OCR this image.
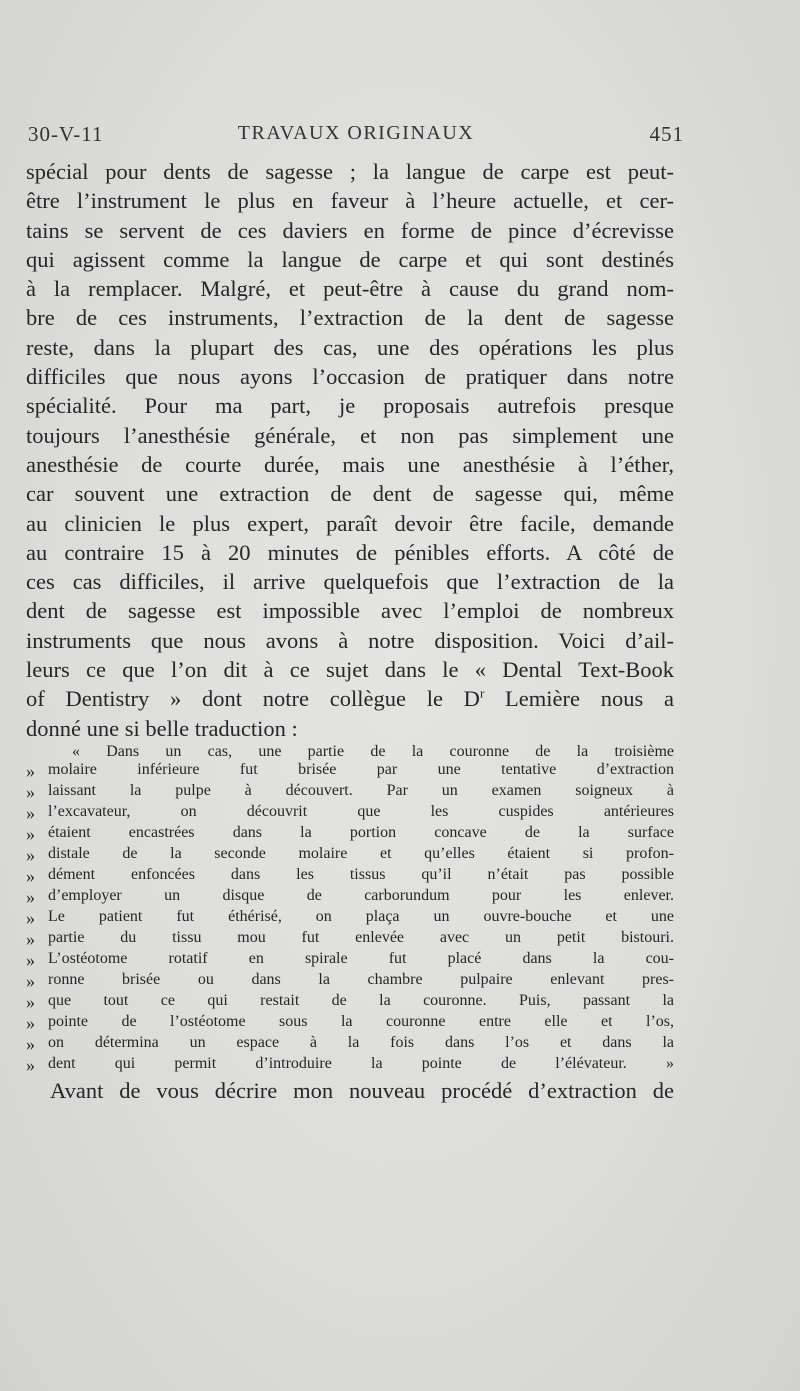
30-V-11	TRAVAUX ORIGINAUX	451
spécial pour dents de sagesse ; la langue de carpe est peut-
être l’instrument le plus en faveur à l’heure actuelle, et cer-
tains se servent de ces daviers en forme de pince d’écrevisse
qui agissent comme la langue de carpe et qui sont destinés
à la remplacer. Malgré, et peut-être à cause du grand nom-
bre de ces instruments, l’extraction de la dent de sagesse
reste, dans la plupart des cas, une des opérations les plus
difficiles que nous ayons l’occasion de pratiquer dans notre
spécialité. Pour ma part, je proposais autrefois presque
toujours l’anesthésie générale, et non pas simplement une
anesthésie de courte durée, mais une anesthésie à l’éther,
car souvent une extraction de dent de sagesse qui, même
au clinicien le plus expert, paraît devoir être facile, demande
au contraire 15 à 20 minutes de pénibles efforts. A côté de
ces cas difficiles, il arrive quelquefois que l’extraction de la
dent de sagesse est impossible avec l’emploi de nombreux
instruments que nous avons à notre disposition. Voici d’ail-
leurs ce que l’on dit à ce sujet dans le « Dental Text-Book
of Dentistry » dont notre collègue le $D^r$ Lemière nous a
donné une si belle traduction :
« Dans un cas, une partie de la couronne de la troisième
» molaire inférieure fut brisée par une tentative d’extraction
» laissant la pulpe à découvert. Par un examen soigneux à
» l’excavateur, on découvrit que les cuspides antérieures
» étaient encastrées dans la portion concave de la surface
» distale de la seconde molaire et qu’elles étaient si profon-
» dément enfoncées dans les tissus qu’il n’était pas possible
» d’employer un disque de carborundum pour les enlever.
» Le patient fut éthérisé, on plaça un ouvre-bouche et une
» partie du tissu mou fut enlevée avec un petit bistouri.
» L’ostéotome rotatif en spirale fut placé dans la cou-
» ronne brisée ou dans la chambre pulpaire enlevant pres-
» que tout ce qui restait de la couronne. Puis, passant la
» pointe de l’ostéotome sous la couronne entre elle et l’os,
» on détermina un espace à la fois dans l’os et dans la
» dent qui permit d’introduire la pointe de l’élévateur. »
Avant de vous décrire mon nouveau procédé d’extraction de
